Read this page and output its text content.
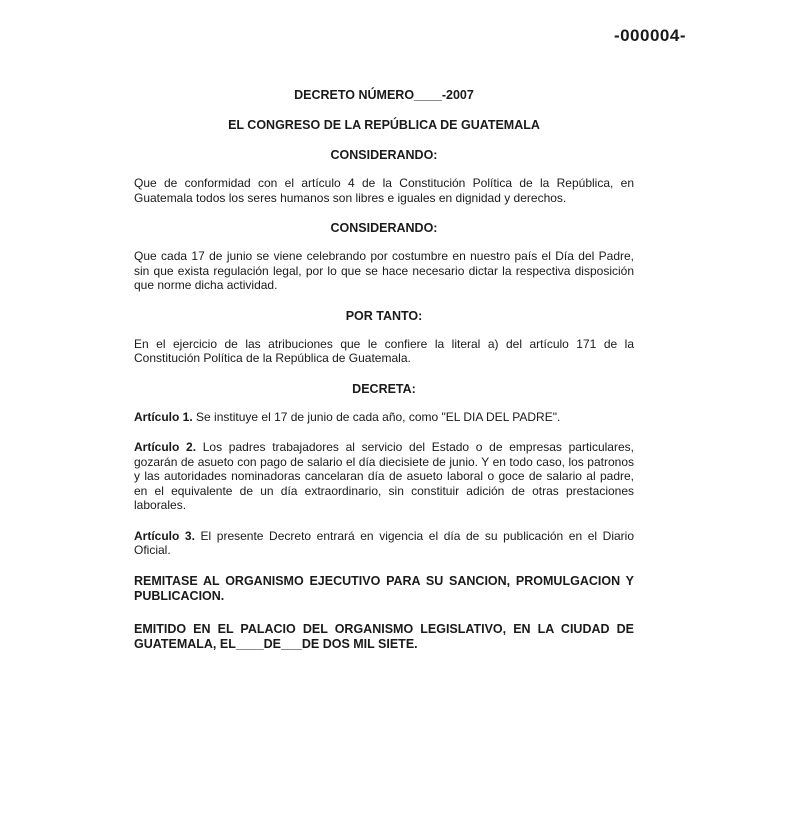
-000004-

DECRETO NÚMERO____-2007

EL CONGRESO DE LA REPÚBLICA DE GUATEMALA

CONSIDERANDO:

Que de conformidad con el artículo 4 de la Constitución Política de la República, en Guatemala todos los seres humanos son libres e iguales en dignidad y derechos.

CONSIDERANDO:

Que cada 17 de junio se viene celebrando por costumbre en nuestro país el Día del Padre, sin que exista regulación legal, por lo que se hace necesario dictar la respectiva disposición que norme dicha actividad.

POR TANTO:

En el ejercicio de las atribuciones que le confiere la literal a) del artículo 171 de la Constitución Política de la República de Guatemala.

DECRETA:

Artículo 1. Se instituye el 17 de junio de cada año, como "EL DIA DEL PADRE".

Artículo 2. Los padres trabajadores al servicio del Estado o de empresas particulares, gozarán de asueto con pago de salario el día diecisiete de junio. Y en todo caso, los patronos y las autoridades nominadoras cancelaran día de asueto laboral o goce de salario al padre, en el equivalente de un día extraordinario, sin constituir adición de otras prestaciones laborales.

Artículo 3. El presente Decreto entrará en vigencia el día de su publicación en el Diario Oficial.

REMITASE AL ORGANISMO EJECUTIVO PARA SU SANCION, PROMULGACION Y PUBLICACION.

EMITIDO EN EL PALACIO DEL ORGANISMO LEGISLATIVO, EN LA CIUDAD DE GUATEMALA, EL____DE___DE DOS MIL SIETE.
